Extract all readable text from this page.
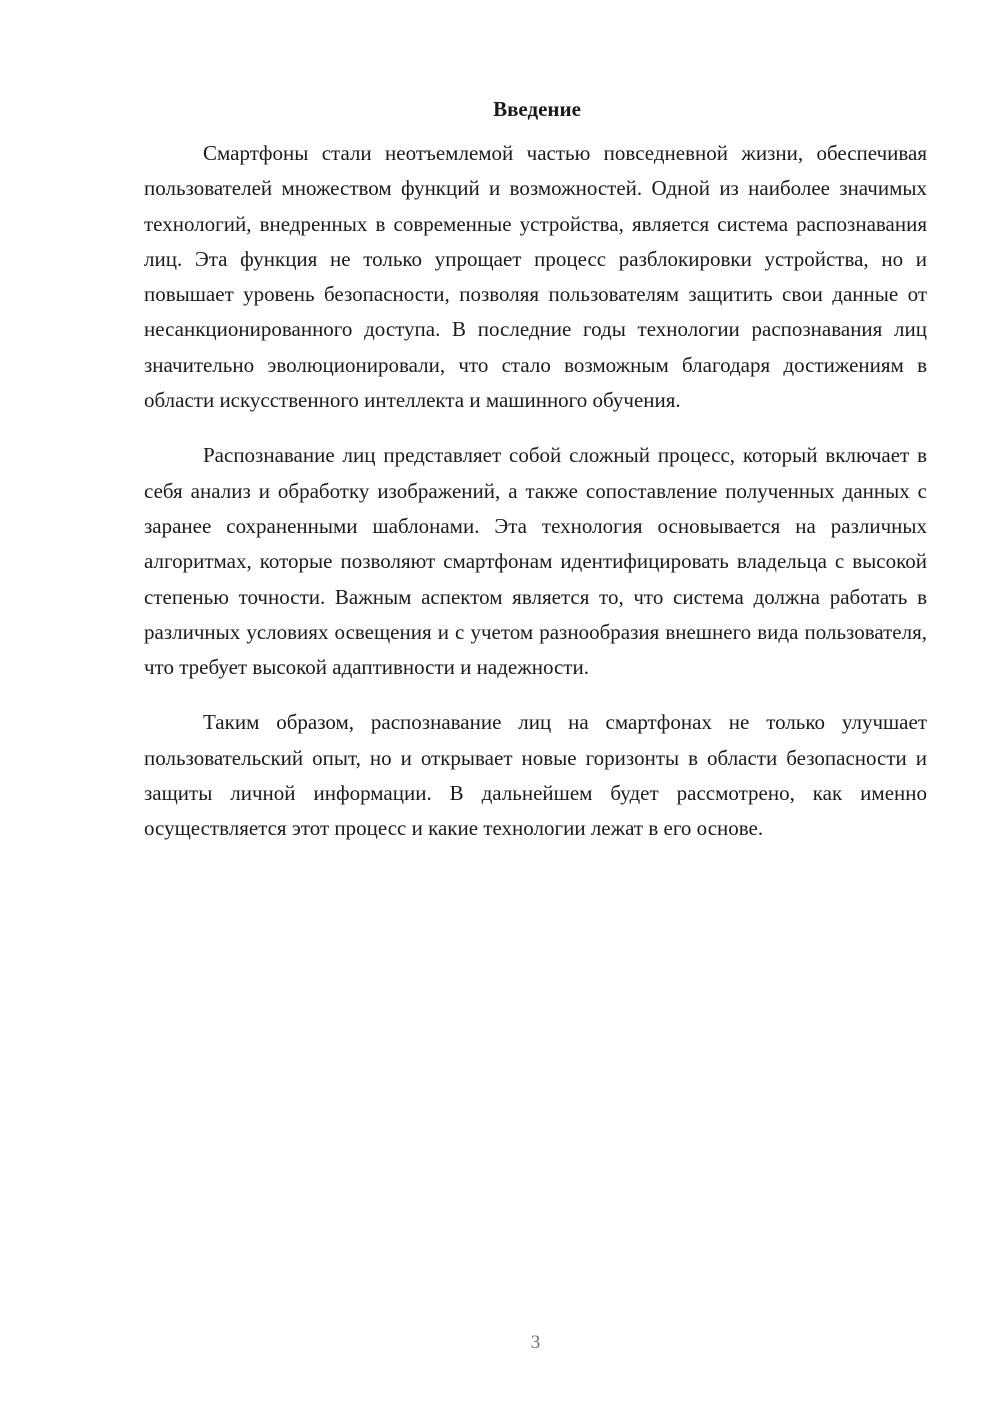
Введение

Смартфоны стали неотъемлемой частью повседневной жизни, обеспечивая пользователей множеством функций и возможностей. Одной из наиболее значимых технологий, внедренных в современные устройства, является система распознавания лиц. Эта функция не только упрощает процесс разблокировки устройства, но и повышает уровень безопасности, позволяя пользователям защитить свои данные от несанкционированного доступа. В последние годы технологии распознавания лиц значительно эволюционировали, что стало возможным благодаря достижениям в области искусственного интеллекта и машинного обучения.

Распознавание лиц представляет собой сложный процесс, который включает в себя анализ и обработку изображений, а также сопоставление полученных данных с заранее сохраненными шаблонами. Эта технология основывается на различных алгоритмах, которые позволяют смартфонам идентифицировать владельца с высокой степенью точности. Важным аспектом является то, что система должна работать в различных условиях освещения и с учетом разнообразия внешнего вида пользователя, что требует высокой адаптивности и надежности.

Таким образом, распознавание лиц на смартфонах не только улучшает пользовательский опыт, но и открывает новые горизонты в области безопасности и защиты личной информации. В дальнейшем будет рассмотрено, как именно осуществляется этот процесс и какие технологии лежат в его основе.

3
